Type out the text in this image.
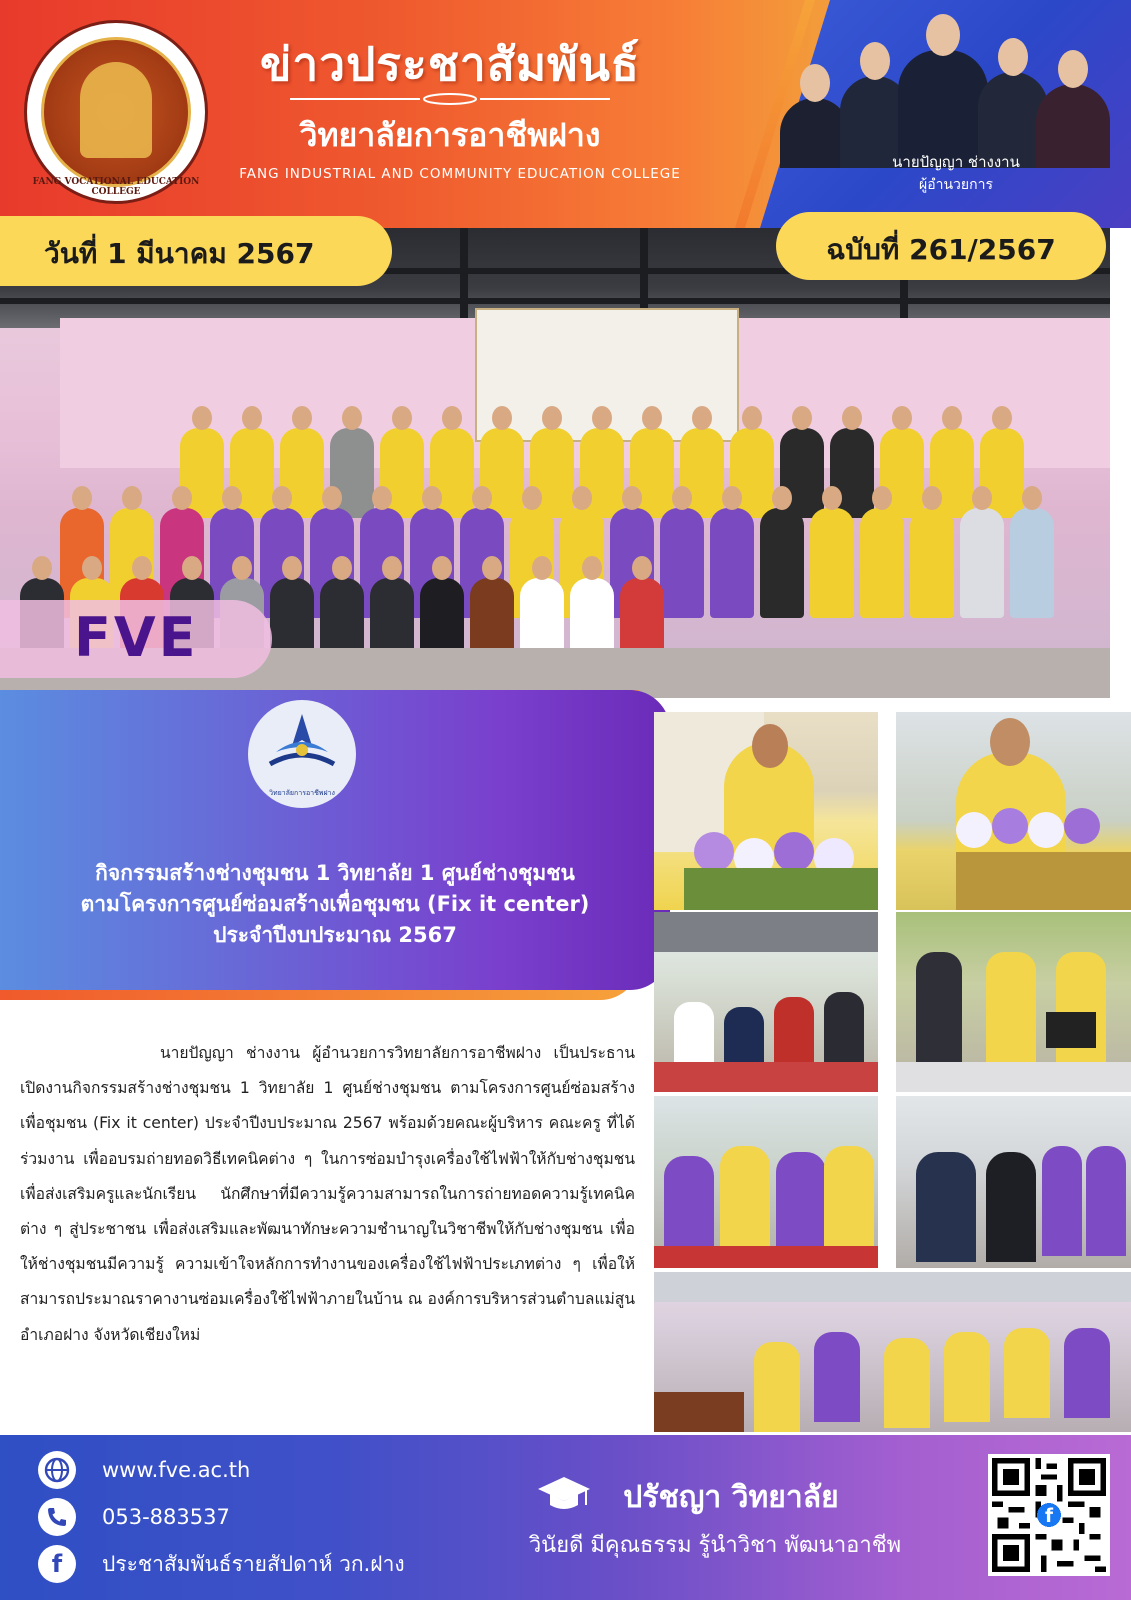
FANG VOCATIONAL EDUCATION COLLEGE
ข่าวประชาสัมพันธ์
วิทยาลัยการอาชีพฝาง
FANG INDUSTRIAL AND COMMUNITY EDUCATION COLLEGE
นายปัญญา ช่างงาน
ผู้อำนวยการ
FVE
วิทยาลัยการอาชีพฝาง
กิจกรรมสร้างช่างชุมชน 1 วิทยาลัย 1 ศูนย์ช่างชุมชน
ตามโครงการศูนย์ซ่อมสร้างเพื่อชุมชน (Fix it center)
ประจำปีงบประมาณ 2567
นายปัญญา ช่างงาน ผู้อำนวยการวิทยาลัยการอาชีพฝาง เป็นประธานเปิดงานกิจกรรมสร้างช่างชุมชน 1 วิทยาลัย 1 ศูนย์ช่างชุมชน ตามโครงการศูนย์ซ่อมสร้างเพื่อชุมชน (Fix it center) ประจำปีงบประมาณ 2567 พร้อมด้วยคณะผู้บริหาร คณะครู ที่ได้ร่วมงาน เพื่ออบรมถ่ายทอดวิธีเทคนิคต่าง ๆ ในการซ่อมบำรุงเครื่องใช้ไฟฟ้าให้กับช่างชุมชน เพื่อส่งเสริมครูและนักเรียน นักศึกษาที่มีความรู้ความสามารถในการถ่ายทอดความรู้เทคนิคต่าง ๆ สู่ประชาชน เพื่อส่งเสริมและพัฒนาทักษะความชำนาญในวิชาชีพให้กับช่างชุมชน เพื่อให้ช่างชุมชนมีความรู้ ความเข้าใจหลักการทำงานของเครื่องใช้ไฟฟ้าประเภทต่าง ๆ เพื่อให้สามารถประมาณราคางานซ่อมเครื่องใช้ไฟฟ้าภายในบ้าน ณ องค์การบริหารส่วนตำบลแม่สูน อำเภอฝาง จังหวัดเชียงใหม่
วันที่ 1 มีนาคม 2567	ฉบับที่ 261/2567
www.fve.ac.th
053-883537
f	ประชาสัมพันธ์รายสัปดาห์ วก.ฝาง
ปรัชญา วิทยาลัย
วินัยดี มีคุณธรรม รู้นำวิชา พัฒนาอาชีพ
f
